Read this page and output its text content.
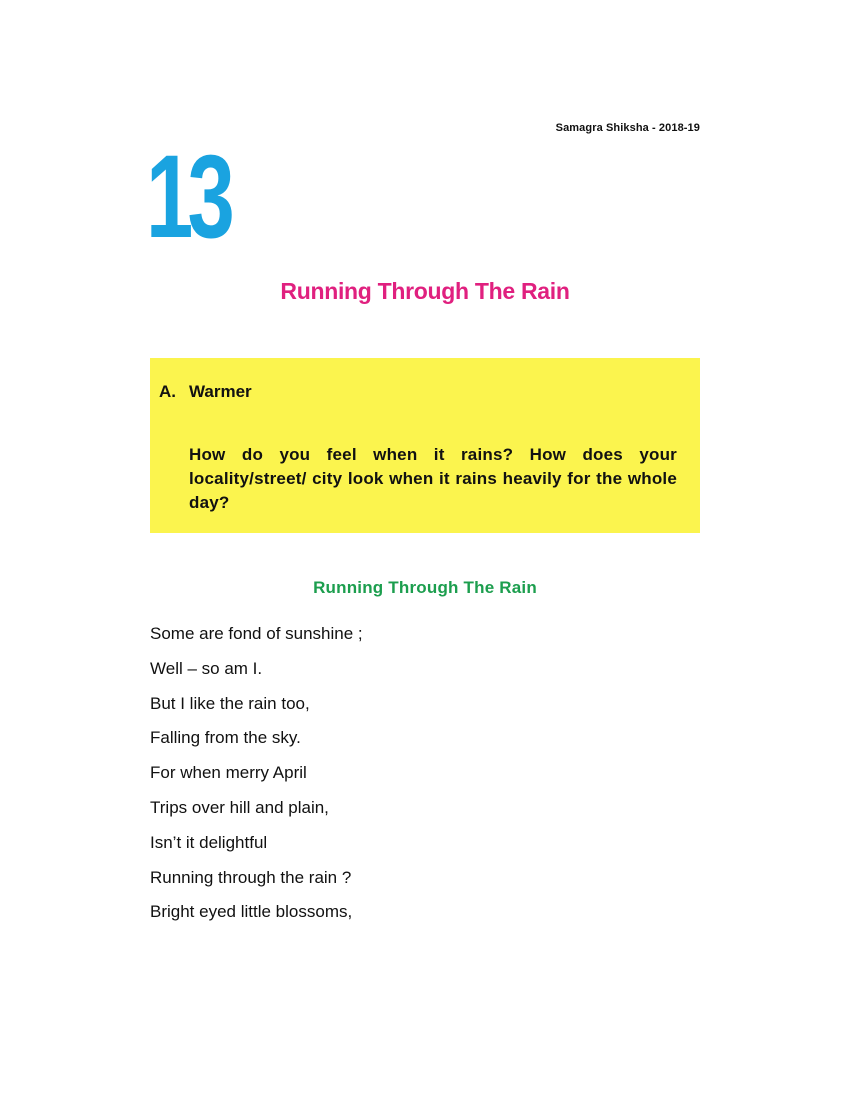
Samagra Shiksha - 2018-19
13
Running Through The Rain
A. Warmer
How do you feel when it rains? How does your locality/street/ city look when it rains heavily for the whole day?
Running Through The Rain
Some are fond of sunshine ;
Well – so am I.
But I like the rain too,
Falling from the sky.
For when merry April
Trips over hill and plain,
Isn’t it delightful
Running through the rain ?
Bright eyed little blossoms,
